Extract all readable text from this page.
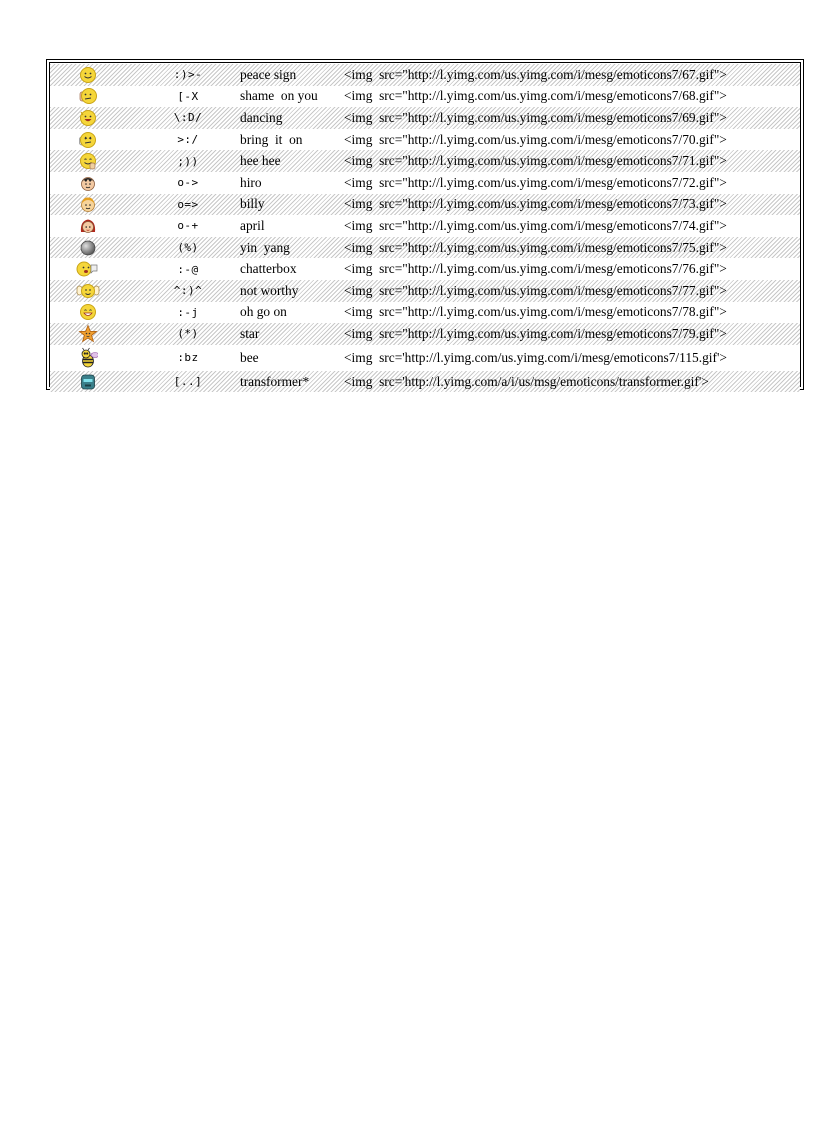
:)>-	peace sign	<img  src="http://l.yimg.com/us.yimg.com/i/mesg/emoticons7/67.gif">
[-X	shame  on you <img  src="http://l.yimg.com/us.yimg.com/i/mesg/emoticons7/68.gif">
\:D/	dancing	<img  src="http://l.yimg.com/us.yimg.com/i/mesg/emoticons7/69.gif">
>:/	bring  it  on	<img  src="http://l.yimg.com/us.yimg.com/i/mesg/emoticons7/70.gif">
;))	hee hee	<img  src="http://l.yimg.com/us.yimg.com/i/mesg/emoticons7/71.gif">
o->	hiro	<img  src="http://l.yimg.com/us.yimg.com/i/mesg/emoticons7/72.gif">
o=>	billy	<img  src="http://l.yimg.com/us.yimg.com/i/mesg/emoticons7/73.gif">
o-+	april	<img  src="http://l.yimg.com/us.yimg.com/i/mesg/emoticons7/74.gif">
(%)	yin  yang	<img  src="http://l.yimg.com/us.yimg.com/i/mesg/emoticons7/75.gif">
:-@	chatterbox	<img  src="http://l.yimg.com/us.yimg.com/i/mesg/emoticons7/76.gif">
^:)^	not worthy	<img  src="http://l.yimg.com/us.yimg.com/i/mesg/emoticons7/77.gif">
:-j	oh go on	<img  src="http://l.yimg.com/us.yimg.com/i/mesg/emoticons7/78.gif">
(*)	star	<img  src="http://l.yimg.com/us.yimg.com/i/mesg/emoticons7/79.gif">
:bz	bee	<img  src='http://l.yimg.com/us.yimg.com/i/mesg/emoticons7/115.gif'>
[..]	transformer*	<img  src='http://l.yimg.com/a/i/us/msg/emoticons/transformer.gif'>
